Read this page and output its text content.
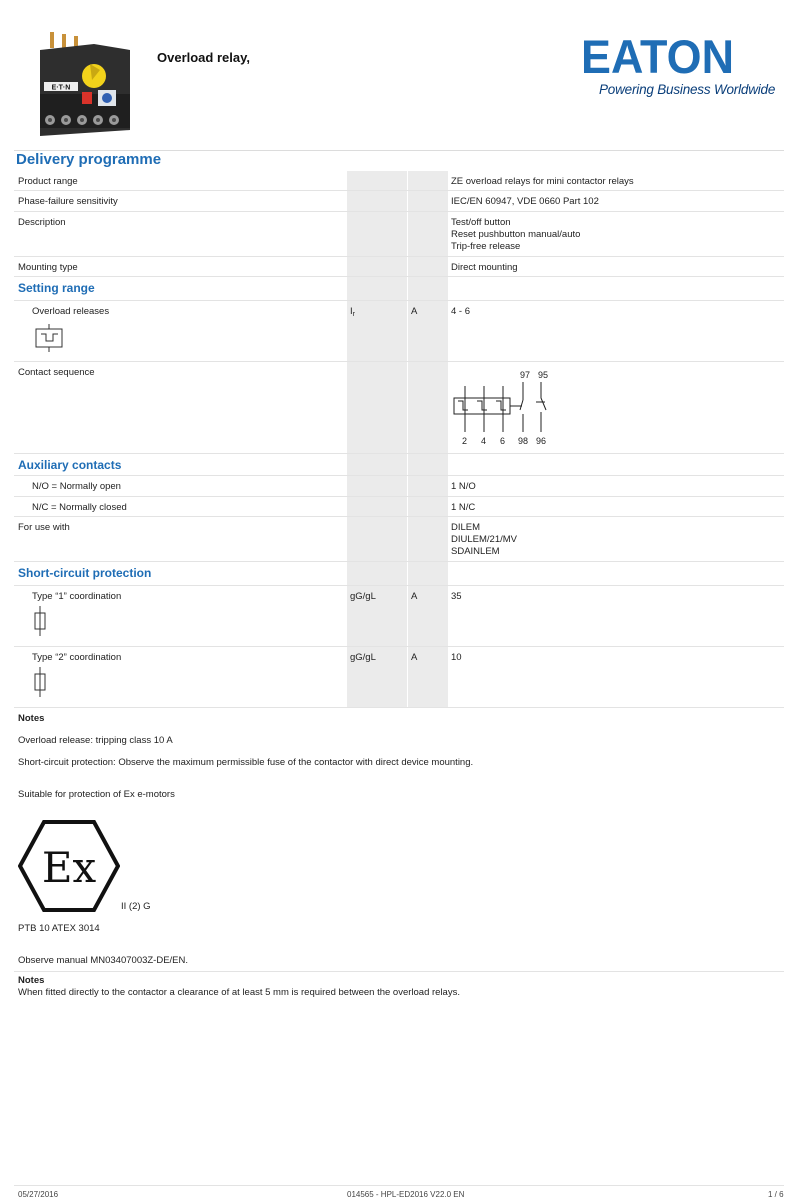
E·T·N
Overload relay,	EATON
Powering Business Worldwide
Delivery programme
Product range	ZE overload relays for mini contactor relays
Phase-failure sensitivity	IEC/EN 60947, VDE 0660 Part 102
Description	Test/off button
Reset pushbutton manual/auto
Trip-free release
Mounting type	Direct mounting
Setting range
Overload releases	$I_r$	A	4 - 6
Contact sequence	97 95
2 4 6 98 96
Auxiliary contacts
N/O = Normally open	1 N/O
N/C = Normally closed	1 N/C
For use with	DILEM
DIULEM/21/MV
SDAINLEM
Short-circuit protection
Type “1” coordination	gG/gL	A	35
Type “2” coordination	gG/gL	A	10
Notes
Overload release: tripping class 10 A
Short-circuit protection: Observe the maximum permissible fuse of the contactor with direct device mounting.
Suitable for protection of Ex e-motors
Ex
II (2) G
PTB 10 ATEX 3014
Observe manual MN03407003Z-DE/EN.
Notes
When fitted directly to the contactor a clearance of at least 5 mm is required between the overload relays.
05/27/2016	014565 - HPL-ED2016 V22.0 EN	1 / 6
